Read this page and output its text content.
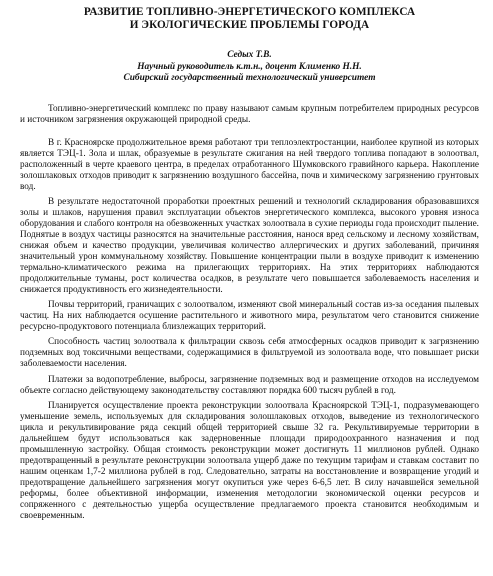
РАЗВИТИЕ ТОПЛИВНО-ЭНЕРГЕТИЧЕСКОГО КОМПЛЕКСА
И ЭКОЛОГИЧЕСКИЕ ПРОБЛЕМЫ ГОРОДА
Седых Т.В.
Научный руководитель к.т.н., доцент Клименко Н.Н.
Сибирский государственный технологический университет

Топливно-энергетический комплекс по праву называют самым крупным потребителем природных ресурсов и источником загрязнения окружающей природной среды.

В г. Красноярске продолжительное время работают три теплоэлектростанции, наиболее крупной из которых является ТЭЦ-1. Зола и шлак, образуемые в результате сжигания на ней твердого топлива попадают в золоотвал, расположенный в черте краевого центра, в пределах отработанного Шумковского гравийного карьера. Накопление золошлаковых отходов приводит к загрязнению воздушного бассейна, почв и химическому загрязнению грунтовых вод.

В результате недостаточной проработки проектных решений и технологий складирования образовавшихся золы и шлаков, нарушения правил эксплуатации объектов энергетического комплекса, высокого уровня износа оборудования и слабого контроля на обезвоженных участках золоотвала в сухие периоды года происходит пыление. Поднятые в воздух частицы разносятся на значительные расстояния, нанося вред сельскому и лесному хозяйствам, снижая объем и качество продукции, увеличивая количество аллергических и других заболеваний, причиняя значительный урон коммунальному хозяйству. Повышение концентрации пыли в воздухе приводит к изменению термально-климатического режима на прилегающих территориях. На этих территориях наблюдаются продолжительные туманы, рост количества осадков, в результате чего повышается заболеваемость населения и снижается продуктивность его жизнедеятельности.

Почвы территорий, граничащих с золоотвалом, изменяют свой минеральный состав из-за оседания пылевых частиц. На них наблюдается осушение растительного и животного мира, результатом чего становится снижение ресурсно-продуктового потенциала близлежащих территорий.

Способность частиц золоотвала к фильтрации сквозь себя атмосферных осадков приводит к загрязнению подземных вод токсичными веществами, содержащимися в фильтруемой из золоотвала воде, что повышает риски заболеваемости населения.

Платежи за водопотребление, выбросы, загрязнение подземных вод и размещение отходов на исследуемом объекте согласно действующему законодательству составляют порядка 600 тысяч рублей в год.

Планируется осуществление проекта реконструкции золоотвала Красноярской ТЭЦ-1, подразумевающего уменьшение земель, используемых для складирования золошлаковых отходов, выведение из технологического цикла и рекультивирование ряда секций общей территорией свыше 32 га. Рекультивируемые территории в дальнейшем будут использоваться как задерновенные площади природоохранного назначения и под промышленную застройку. Общая стоимость реконструкции может достигнуть 11 миллионов рублей. Однако предотвращенный в результате реконструкции золоотвала ущерб даже по текущим тарифам и ставкам составит по нашим оценкам 1,7-2 миллиона рублей в год. Следовательно, затраты на восстановление и возвращение угодий и предотвращение дальнейшего загрязнения могут окупиться уже через 6-6,5 лет. В силу начавшейся земельной реформы, более объективной информации, изменения методологии экономической оценки ресурсов и сопряженного с деятельностью ущерба осуществление предлагаемого проекта становится необходимым и своевременным.
